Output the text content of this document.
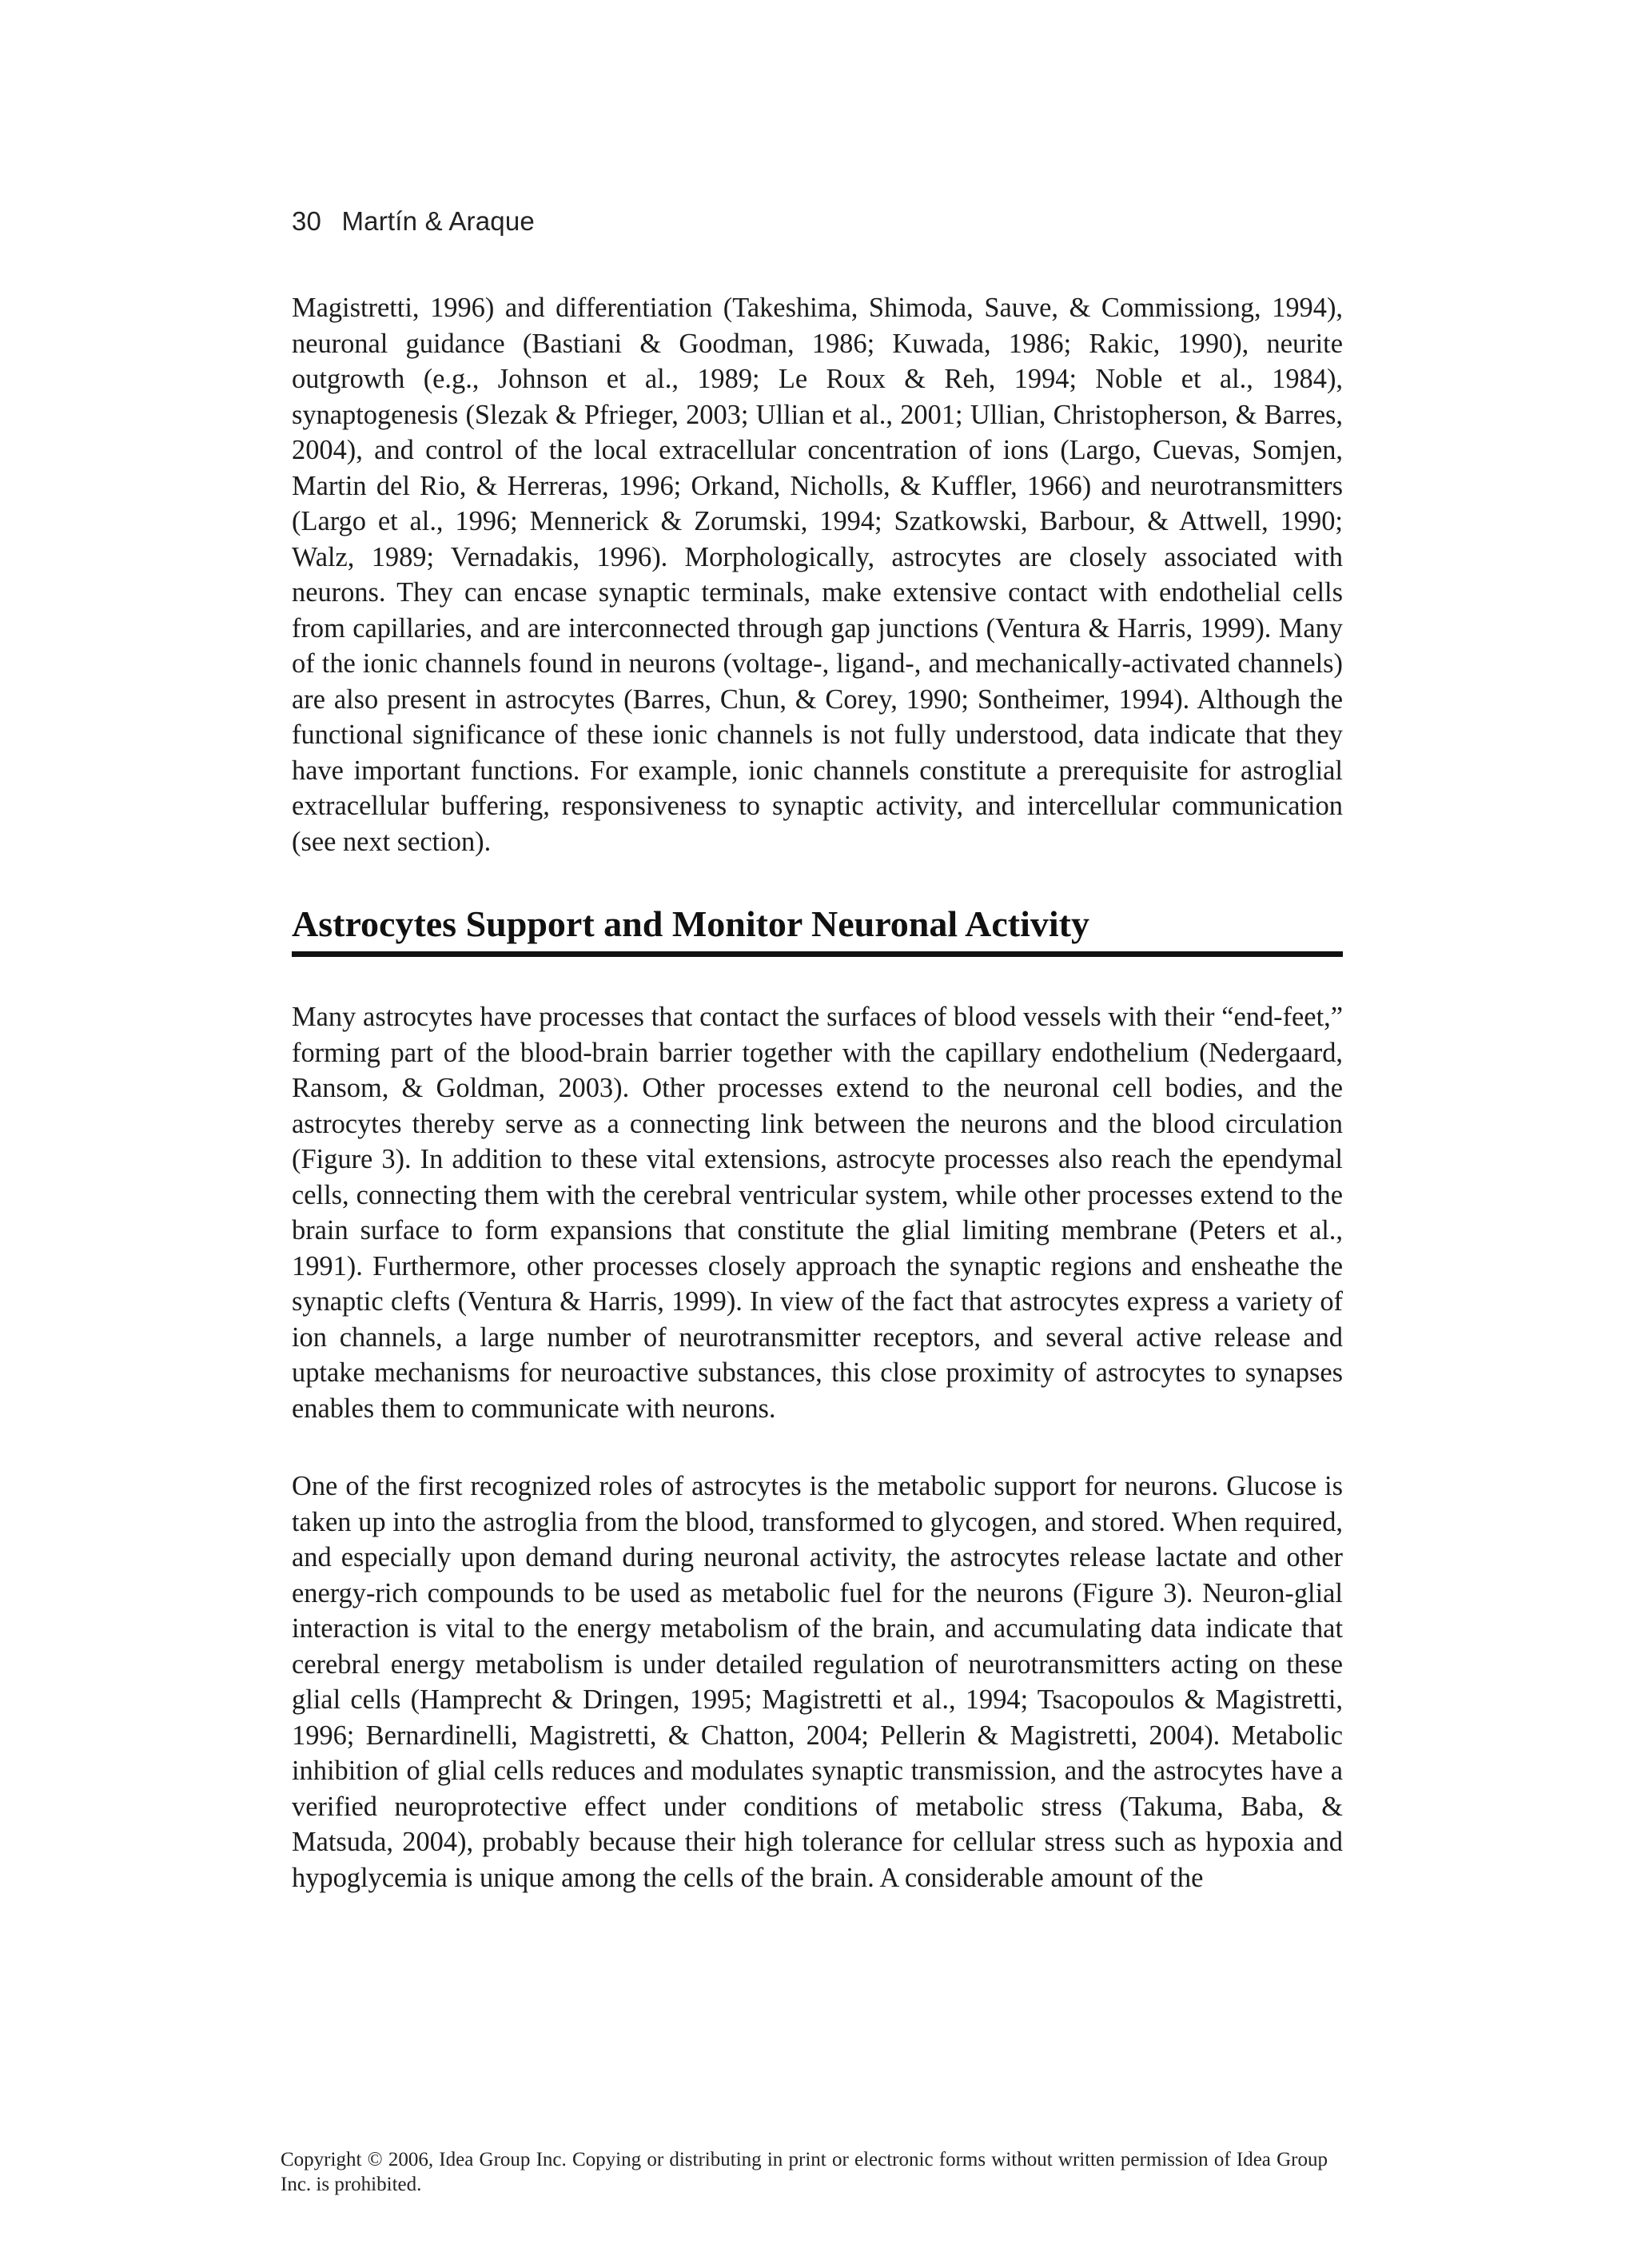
30 Martín & Araque

Magistretti, 1996) and differentiation (Takeshima, Shimoda, Sauve, & Commissiong, 1994), neuronal guidance (Bastiani & Goodman, 1986; Kuwada, 1986; Rakic, 1990), neurite outgrowth (e.g., Johnson et al., 1989; Le Roux & Reh, 1994; Noble et al., 1984), synaptogenesis (Slezak & Pfrieger, 2003; Ullian et al., 2001; Ullian, Christopherson, & Barres, 2004), and control of the local extracellular concentration of ions (Largo, Cuevas, Somjen, Martin del Rio, & Herreras, 1996; Orkand, Nicholls, & Kuffler, 1966) and neurotransmitters (Largo et al., 1996; Mennerick & Zorumski, 1994; Szatkowski, Barbour, & Attwell, 1990; Walz, 1989; Vernadakis, 1996). Morphologically, astrocytes are closely associated with neurons. They can encase synaptic terminals, make extensive contact with endothelial cells from capillaries, and are interconnected through gap junctions (Ventura & Harris, 1999). Many of the ionic channels found in neurons (voltage-, ligand-, and mechanically-activated channels) are also present in astrocytes (Barres, Chun, & Corey, 1990; Sontheimer, 1994). Although the functional significance of these ionic channels is not fully understood, data indicate that they have important functions. For example, ionic channels constitute a prerequisite for astroglial extracellular buffering, responsiveness to synaptic activity, and intercellular communication (see next section).

Astrocytes Support and Monitor Neuronal Activity

Many astrocytes have processes that contact the surfaces of blood vessels with their “end-feet,” forming part of the blood-brain barrier together with the capillary endothelium (Nedergaard, Ransom, & Goldman, 2003). Other processes extend to the neuronal cell bodies, and the astrocytes thereby serve as a connecting link between the neurons and the blood circulation (Figure 3). In addition to these vital extensions, astrocyte processes also reach the ependymal cells, connecting them with the cerebral ventricular system, while other processes extend to the brain surface to form expansions that constitute the glial limiting membrane (Peters et al., 1991). Furthermore, other processes closely approach the synaptic regions and ensheathe the synaptic clefts (Ventura & Harris, 1999). In view of the fact that astrocytes express a variety of ion channels, a large number of neurotransmitter receptors, and several active release and uptake mechanisms for neuroactive substances, this close proximity of astrocytes to synapses enables them to communicate with neurons.

One of the first recognized roles of astrocytes is the metabolic support for neurons. Glucose is taken up into the astroglia from the blood, transformed to glycogen, and stored. When required, and especially upon demand during neuronal activity, the astrocytes release lactate and other energy-rich compounds to be used as metabolic fuel for the neurons (Figure 3). Neuron-glial interaction is vital to the energy metabolism of the brain, and accumulating data indicate that cerebral energy metabolism is under detailed regulation of neurotransmitters acting on these glial cells (Hamprecht & Dringen, 1995; Magistretti et al., 1994; Tsacopoulos & Magistretti, 1996; Bernardinelli, Magistretti, & Chatton, 2004; Pellerin & Magistretti, 2004). Metabolic inhibition of glial cells reduces and modulates synaptic transmission, and the astrocytes have a verified neuroprotective effect under conditions of metabolic stress (Takuma, Baba, & Matsuda, 2004), probably because their high tolerance for cellular stress such as hypoxia and hypoglycemia is unique among the cells of the brain. A considerable amount of the

Copyright © 2006, Idea Group Inc. Copying or distributing in print or electronic forms without written permission of Idea Group Inc. is prohibited.
